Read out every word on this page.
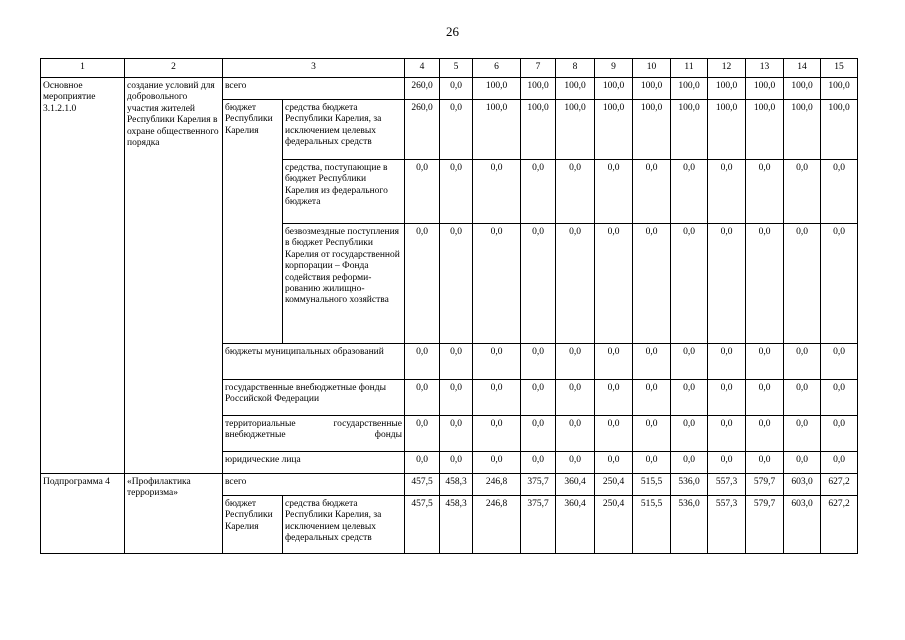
26
1	2	3		4	5	6	7	8	9	10	11	12	13	14	15
Основное мероприятие 3.1.2.1.0	создание условий для добровольного участия жителей Республики Карелия в охране общественного порядка	всего		260,0	0,0	100,0	100,0	100,0	100,0	100,0	100,0	100,0	100,0	100,0	100,0
		бюджет Республики Карелия	средства бюджета Республики Карелия, за исключением целевых федеральных средств	260,0	0,0	100,0	100,0	100,0	100,0	100,0	100,0	100,0	100,0	100,0	100,0
			средства, поступающие в бюджет Республики Карелия из федерального бюджета	0,0	0,0	0,0	0,0	0,0	0,0	0,0	0,0	0,0	0,0	0,0	0,0
			безвозмездные поступления в бюджет Республики Карелия от государственной корпорации – Фонда содействия реформи-рованию жилищно-коммунального хозяйства	0,0	0,0	0,0	0,0	0,0	0,0	0,0	0,0	0,0	0,0	0,0	0,0
		бюджеты муниципальных образований		0,0	0,0	0,0	0,0	0,0	0,0	0,0	0,0	0,0	0,0	0,0	0,0
		государственные внебюджетные фонды Российской Федерации		0,0	0,0	0,0	0,0	0,0	0,0	0,0	0,0	0,0	0,0	0,0	0,0
		территориальные государственные внебюджетные фонды		0,0	0,0	0,0	0,0	0,0	0,0	0,0	0,0	0,0	0,0	0,0	0,0
		юридические лица		0,0	0,0	0,0	0,0	0,0	0,0	0,0	0,0	0,0	0,0	0,0	0,0
Подпрограмма 4	«Профилактика терроризма»	всего		457,5	458,3	246,8	375,7	360,4	250,4	515,5	536,0	557,3	579,7	603,0	627,2
		бюджет Республики Карелия	средства бюджета Республики Карелия, за исключением целевых федеральных средств	457,5	458,3	246,8	375,7	360,4	250,4	515,5	536,0	557,3	579,7	603,0	627,2
